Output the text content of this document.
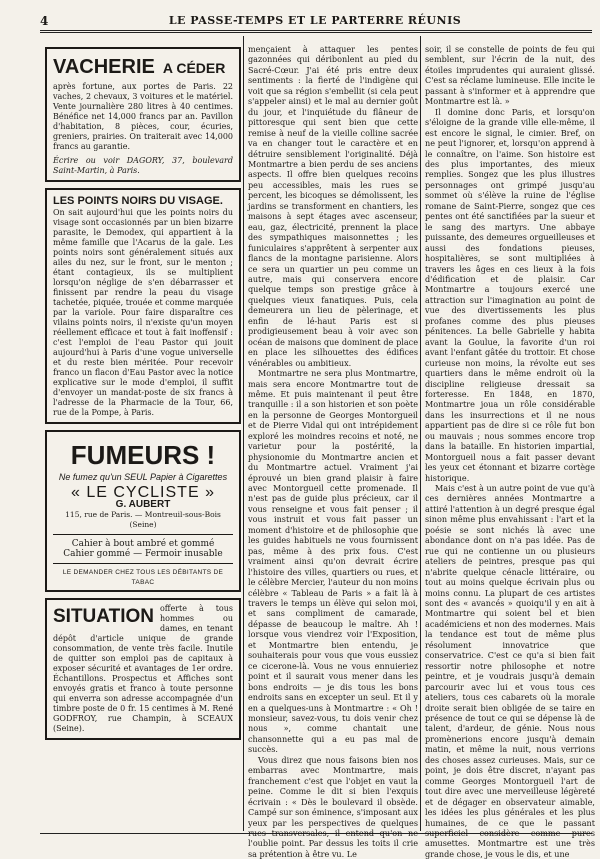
4	LE PASSE-TEMPS ET LE PARTERRE RÉUNIS
VACHERIE A CÉDER

après fortune, aux portes de Paris. 22 vaches, 2 chevaux, 3 voitures et le matériel. Vente journalière 280 litres à 40 centimes. Bénéfice net 14,000 francs par an. Pavillon d'habitation, 8 pièces, cour, écuries, greniers, prairies. On traiterait avec 14,000 francs au garantie.

Écrire ou voir DAGORY, 37, boulevard Saint-Martin, à Paris.

LES POINTS NOIRS DU VISAGE.

On sait aujourd'hui que les points noirs du visage sont occasionnés par un bien bizarre parasite, le Demodex, qui appartient à la même famille que l'Acarus de la gale. Les points noirs sont généralement situés aux ailes du nez, sur le front, sur le menton ; étant contagieux, ils se multiplient lorsqu'on néglige de s'en débarrasser et finissent par rendre la peau du visage tachetée, piquée, trouée et comme marquée par la variole. Pour faire disparaître ces vilains points noirs, il n'existe qu'un moyen réellement efficace et tout à fait inoffensif : c'est l'emploi de l'eau Pastor qui jouit aujourd'hui à Paris d'une vogue universelle et du reste bien méritée. Pour recevoir franco un flacon d'Eau Pastor avec la notice explicative sur le mode d'emploi, il suffit d'envoyer un mandat-poste de six francs à l'adresse de la Pharmacie de la Tour, 66, rue de la Pompe, à Paris.

FUMEURS !
Ne fumez qu'un SEUL Papier à Cigarettes
« LE CYCLISTE »
G. AUBERT
115, rue de Paris. — Montreuil-sous-Bois (Seine)
Cahier à bout ambré et gommé
Cahier gommé — Fermoir inusable
LE DEMANDER CHEZ TOUS LES DÉBITANTS DE TABAC
SITUATION offerte à tous hommes ou dames, en tenant dépôt d'article unique de grande consommation, de vente très facile. Inutile de quitter son emploi pas de capitaux à exposer sécurité et avantages de 1er ordre. Échantillons. Prospectus et Affiches sont envoyés gratis et franco à toute personne qui enverra son adresse accompagnée d'un timbre poste de 0 fr. 15 centimes à M. René GODFROY, rue Champin, à SCEAUX (Seine).

mençaient à attaquer les pentes gazonnées qui déribonlent au pied du Sacré-Cœur. J'ai été pris entre deux sentiments : la fierté de l'indigène qui voit que sa région s'embellit (si cela peut s'appeler ainsi) et le mal au dernier goût du jour, et l'inquiétude du flâneur de pittoresque qui sent bien que cette remise à neuf de la vieille colline sacrée va en changer tout le caractère et en détruire sensiblement l'originalité. Déjà Montmartre a bien perdu de ses anciens aspects. Il offre bien quelques recoins peu accessibles, mais les rues se percent, les bicoques se démolissent, les jardins se transforment en chantiers, les maisons à sept étages avec ascenseur, eau, gaz, électricité, prennent la place des sympathiques maisonnettes ; les funiculaires s'apprêtent à serpenter aux flancs de la montagne parisienne. Alors ce sera un quartier un peu comme un autre, mais qui conservera encore quelque temps son prestige grâce à quelques vieux fanatiques. Puis, cela demeurera un lieu de pèlerinage, et enfin de lé-haut Paris est si prodigieusement beau à voir avec son océan de maisons que dominent de place en place les silhouettes des édifices vénérables ou ambitieux.

Montmartre ne sera plus Montmartre, mais sera encore Montmartre tout de même. Et puis maintenant il peut être tranquille : il a son historien et son poète en la personne de Georges Montorgueil et de Pierre Vidal qui ont intrépidement exploré les moindres recoins et noté, ne varietur pour la postérité, la physionomie du Montmartre ancien et du Montmartre actuel. Vraiment j'ai éprouvé un bien grand plaisir à faire avec Montorgueil cette promenade. Il n'est pas de guide plus précieux, car il vous renseigne et vous fait penser ; il vous instruit et vous fait passer un moment d'histoire et de philosophie que les guides habituels ne vous fournissent pas, même à des prix fous. C'est vraiment ainsi qu'on devrait écrire l'histoire des villes, quartiers ou rues, et le célèbre Mercier, l'auteur du non moins célèbre « Tableau de Paris » a fait là à travers le temps un élève qui selon moi, et sans compliment de camarade, dépasse de beaucoup le maître. Ah ! lorsque vous viendrez voir l'Exposition, et Montmartre bien entendu, je souhaiterais pour vous que vous eussiez ce cicerone-là. Vous ne vous ennuieriez point et il saurait vous mener dans les bons endroits — je dis tous les bons endroits sans en excepter un seul. Et il y en a quelques-uns à Montmartre : « Oh ! monsieur, savez-vous, tu dois venir chez nous », comme chantait une chansonnette qui a eu pas mal de succès.

Vous direz que nous faisons bien nos embarras avec Montmartre, mais franchement c'est que l'objet en vaut la peine. Comme le dit si bien l'exquis écrivain : « Dès le boulevard il obsède. Campé sur son éminence, s'imposant aux yeux par les perspectives de quelques rues transversales, il entend qu'on ne l'oublie point. Par dessus les toits il crie sa prétention à être vu. Le

soir, il se constelle de points de feu qui semblent, sur l'écrin de la nuit, des étoiles imprudentes qui auraient glissé. C'est sa réclame lumineuse. Elle incite le passant à s'informer et à apprendre que Montmartre est là. »

Il domine donc Paris, et lorsqu'on s'éloigne de la grande ville elle-même, il est encore le signal, le cimier. Bref, on ne peut l'ignorer, et, lorsqu'on apprend à le connaître, on l'aime. Son histoire est des plus importantes, des mieux remplies. Songez que les plus illustres personnages ont grimpé jusqu'au sommet où s'élève la ruine de l'église romane de Saint-Pierre, songez que ces pentes ont été sanctifiées par la sueur et le sang des martyrs. Une abbaye puissante, des demeures orgueilleuses et aussi des fondations pieuses, hospitalières, se sont multipliées à travers les âges en ces lieux à la fois d'édification et de plaisir. Car Montmartre a toujours exercé une attraction sur l'imagination au point de vue des divertissements les plus profanes comme des plus pieuses pénitences. La belle Gabrielle y habita avant la Goulue, la favorite d'un roi avant l'enfant gâtée du trottoir. Et chose curieuse non moins, la révolte eut ses quartiers dans le même endroit où la discipline religieuse dressait sa forteresse. En 1848, en 1870, Montmartre joua un rôle considérable dans les insurrections et il ne nous appartient pas de dire si ce rôle fut bon ou mauvais ; nous sommes encore trop dans la bataille. En historien impartial, Montorgueil nous a fait passer devant les yeux cet étonnant et bizarre cortège historique.

Mais c'est à un autre point de vue qu'à ces dernières années Montmartre a attiré l'attention à un degré presque égal sinon même plus envahissant : l'art et la poésie se sont nichés là avec une abondance dont on n'a pas idée. Pas de rue qui ne contienne un ou plusieurs ateliers de peintres, presque pas qui n'abrite quelque cénacle littéraire, ou tout au moins quelque écrivain plus ou moins connu. La plupart de ces artistes sont des « avancés » quoiqu'il y en ait à Montmartre qui soient bel et bien académiciens et non des modernes. Mais la tendance est tout de même plus résolument innovatrice que conservatrice. C'est ce qu'a si bien fait ressortir notre philosophe et notre peintre, et je voudrais jusqu'à demain parcourir avec lui et vous tous ces ateliers, tous ces cabarets où la morale droite serait bien obligée de se taire en présence de tout ce qui se dépense là de talent, d'ardeur, de génie. Nous nous promènerions encore jusqu'à demain matin, et même la nuit, nous verrions des choses assez curieuses. Mais, sur ce point, je dois être discret, n'ayant pas comme Georges Montorgueil l'art de tout dire avec une merveilleuse légèreté et de dégager en observateur aimable, les idées les plus générales et les plus humaines, de ce que le passant superficiel considère comme pures amusettes. Montmartre est une très grande chose, je vous le dis, et une
